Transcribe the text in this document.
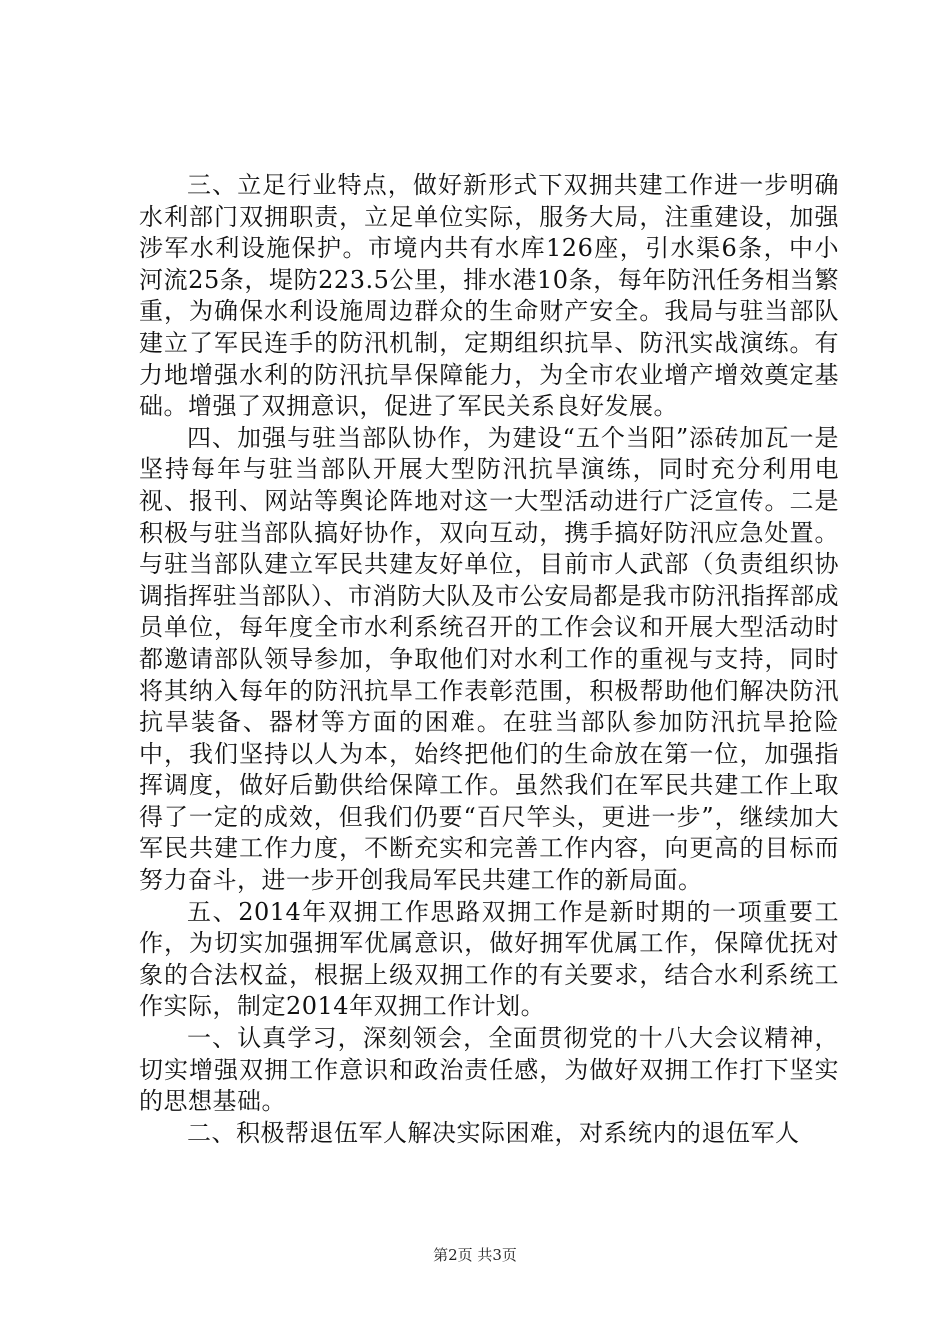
三、立足行业特点，做好新形式下双拥共建工作进一步明确水利部门双拥职责，立足单位实际，服务大局，注重建设，加强涉军水利设施保护。市境内共有水库126座，引水渠6条，中小河流25条，堤防223.5公里，排水港10条，每年防汛任务相当繁重，为确保水利设施周边群众的生命财产安全。我局与驻当部队建立了军民连手的防汛机制，定期组织抗旱、防汛实战演练。有力地增强水利的防汛抗旱保障能力，为全市农业增产增效奠定基础。增强了双拥意识，促进了军民关系良好发展。

四、加强与驻当部队协作，为建设“五个当阳”添砖加瓦一是坚持每年与驻当部队开展大型防汛抗旱演练，同时充分利用电视、报刊、网站等舆论阵地对这一大型活动进行广泛宣传。二是积极与驻当部队搞好协作，双向互动，携手搞好防汛应急处置。与驻当部队建立军民共建友好单位，目前市人武部（负责组织协调指挥驻当部队）、市消防大队及市公安局都是我市防汛指挥部成员单位，每年度全市水利系统召开的工作会议和开展大型活动时都邀请部队领导参加，争取他们对水利工作的重视与支持，同时将其纳入每年的防汛抗旱工作表彰范围，积极帮助他们解决防汛抗旱装备、器材等方面的困难。在驻当部队参加防汛抗旱抢险中，我们坚持以人为本，始终把他们的生命放在第一位，加强指挥调度，做好后勤供给保障工作。虽然我们在军民共建工作上取得了一定的成效，但我们仍要“百尺竿头，更进一步”，继续加大军民共建工作力度，不断充实和完善工作内容，向更高的目标而努力奋斗，进一步开创我局军民共建工作的新局面。

五、2014年双拥工作思路双拥工作是新时期的一项重要工作，为切实加强拥军优属意识，做好拥军优属工作，保障优抚对象的合法权益，根据上级双拥工作的有关要求，结合水利系统工作实际，制定2014年双拥工作计划。

一、认真学习，深刻领会，全面贯彻党的十八大会议精神，切实增强双拥工作意识和政治责任感，为做好双拥工作打下坚实的思想基础。

二、积极帮退伍军人解决实际困难，对系统内的退伍军人

第2页 共3页
